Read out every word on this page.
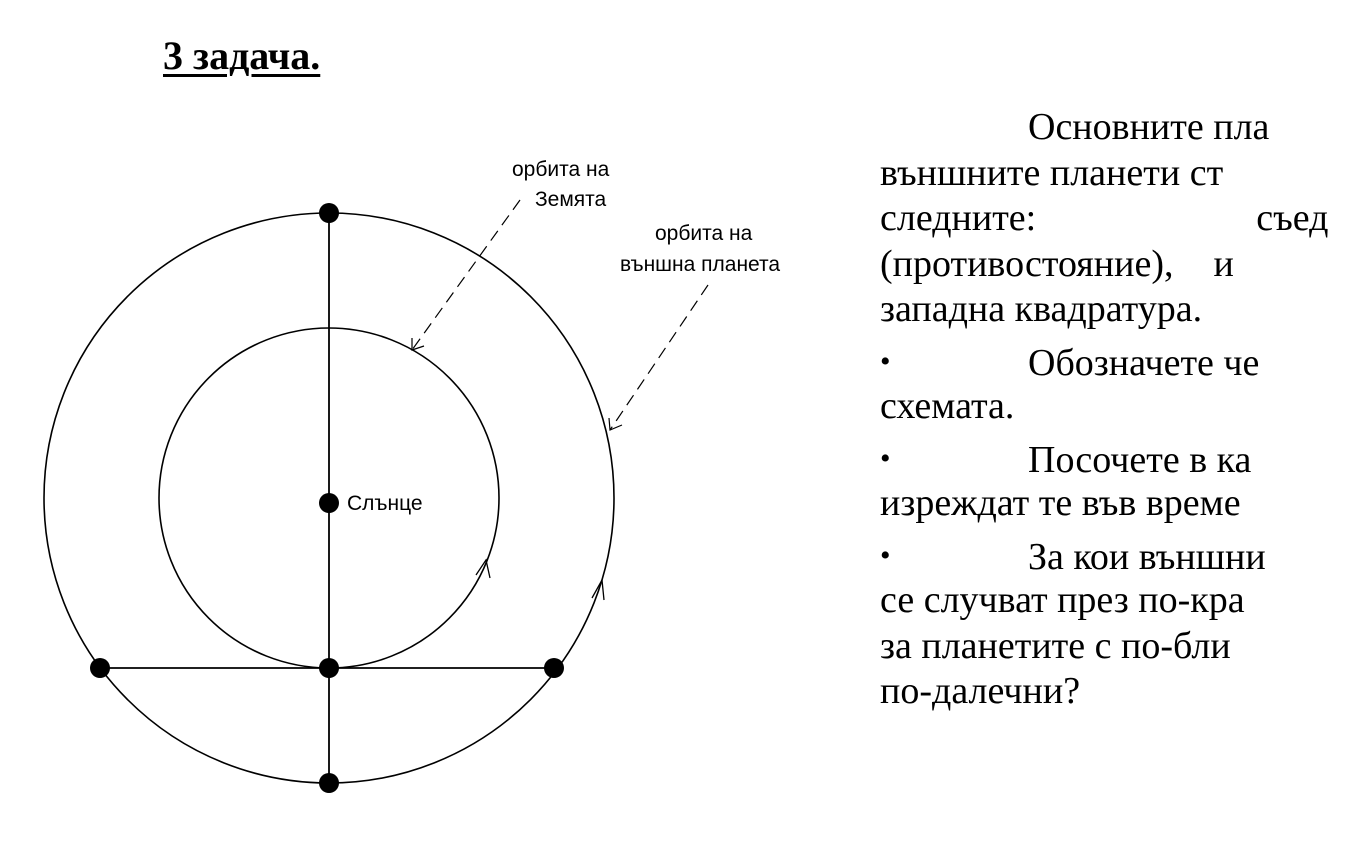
3 задача.
орбита на
Земята
орбита на
външна планета
Слънце
Основните пла
външните планети ст
следните:	съед
(противостояние), и
западна квадратура.
•	Обозначете че
схемата.
•	Посочете в ка
изреждат те във време
•	За кои външни
се случват през по-кра
за планетите с по-бли
по-далечни?
